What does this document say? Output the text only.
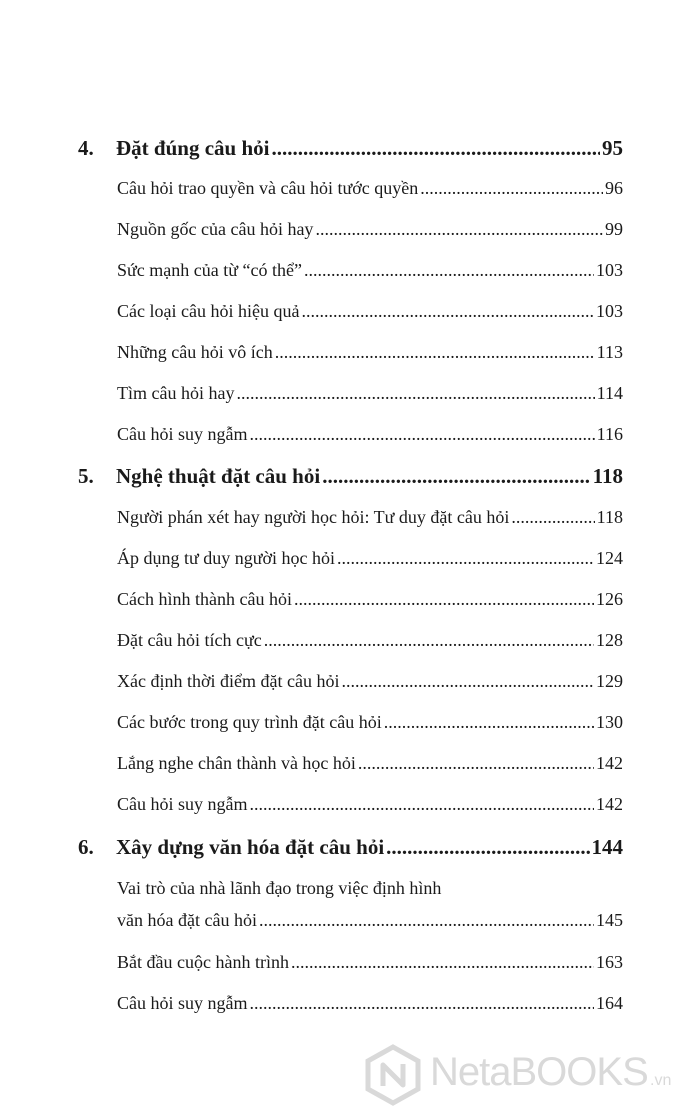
4.	Đặt đúng câu hỏi .....	95
Câu hỏi trao quyền và câu hỏi tước quyền .....	96
Nguồn gốc của câu hỏi hay .....	99
Sức mạnh của từ “có thể” .....	103
Các loại câu hỏi hiệu quả .....	103
Những câu hỏi vô ích .....	113
Tìm câu hỏi hay .....	114
Câu hỏi suy ngẫm .....	116
5.	Nghệ thuật đặt câu hỏi .....	118
Người phán xét hay người học hỏi: Tư duy đặt câu hỏi .....	118
Áp dụng tư duy người học hỏi .....	124
Cách hình thành câu hỏi .....	126
Đặt câu hỏi tích cực .....	128
Xác định thời điểm đặt câu hỏi .....	129
Các bước trong quy trình đặt câu hỏi .....	130
Lắng nghe chân thành và học hỏi .....	142
Câu hỏi suy ngẫm .....	142
6.	Xây dựng văn hóa đặt câu hỏi .....	144
Vai trò của nhà lãnh đạo trong việc định hình
văn hóa đặt câu hỏi .....	145
Bắt đầu cuộc hành trình .....	163
Câu hỏi suy ngẫm .....	164
NetaBOOKS .vn
